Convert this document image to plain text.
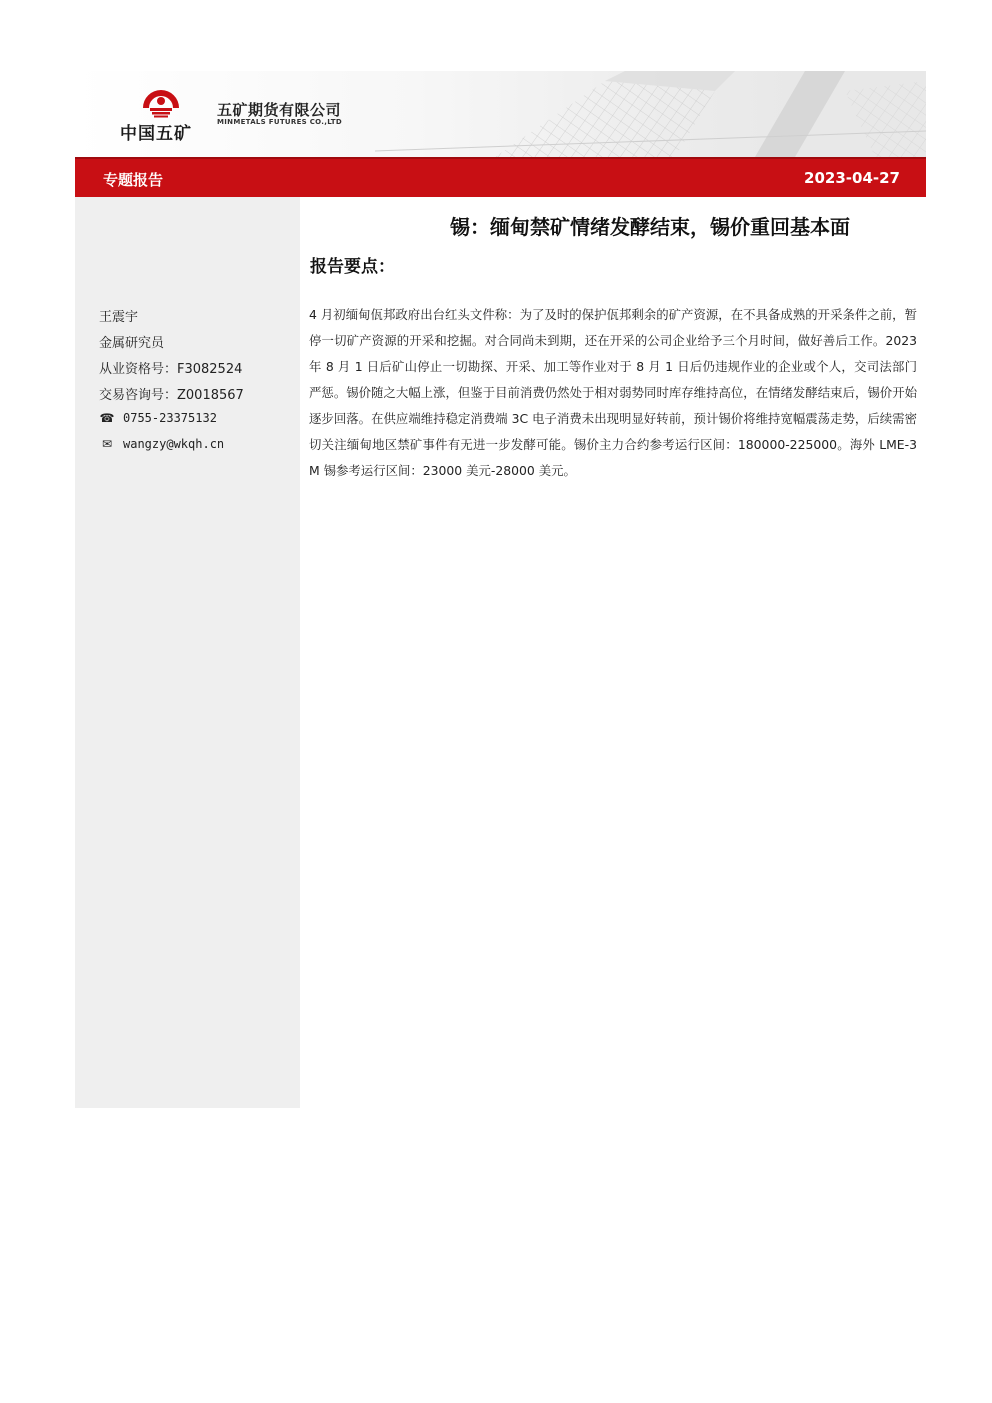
中国五矿
五矿期货有限公司
MINMETALS FUTURES CO.,LTD
专题报告	2023-04-27
王震宇
金属研究员
从业资格号：F3082524
交易咨询号：Z0018567
☎ 0755-23375132
✉ wangzy@wkqh.cn
锡：缅甸禁矿情绪发酵结束，锡价重回基本面
报告要点：
4 月初缅甸佤邦政府出台红头文件称：为了及时的保护佤邦剩余的矿产资源，在不具备成熟的开采条件之前，暂停一切矿产资源的开采和挖掘。对合同尚未到期，还在开采的公司企业给予三个月时间，做好善后工作。2023 年 8 月 1 日后矿山停止一切勘探、开采、加工等作业对于 8 月 1 日后仍违规作业的企业或个人，交司法部门严惩。锡价随之大幅上涨，但鉴于目前消费仍然处于相对弱势同时库存维持高位，在情绪发酵结束后，锡价开始逐步回落。在供应端维持稳定消费端 3C 电子消费未出现明显好转前，预计锡价将维持宽幅震荡走势，后续需密切关注缅甸地区禁矿事件有无进一步发酵可能。锡价主力合约参考运行区间：180000-225000。海外 LME-3M 锡参考运行区间：23000 美元-28000 美元。
